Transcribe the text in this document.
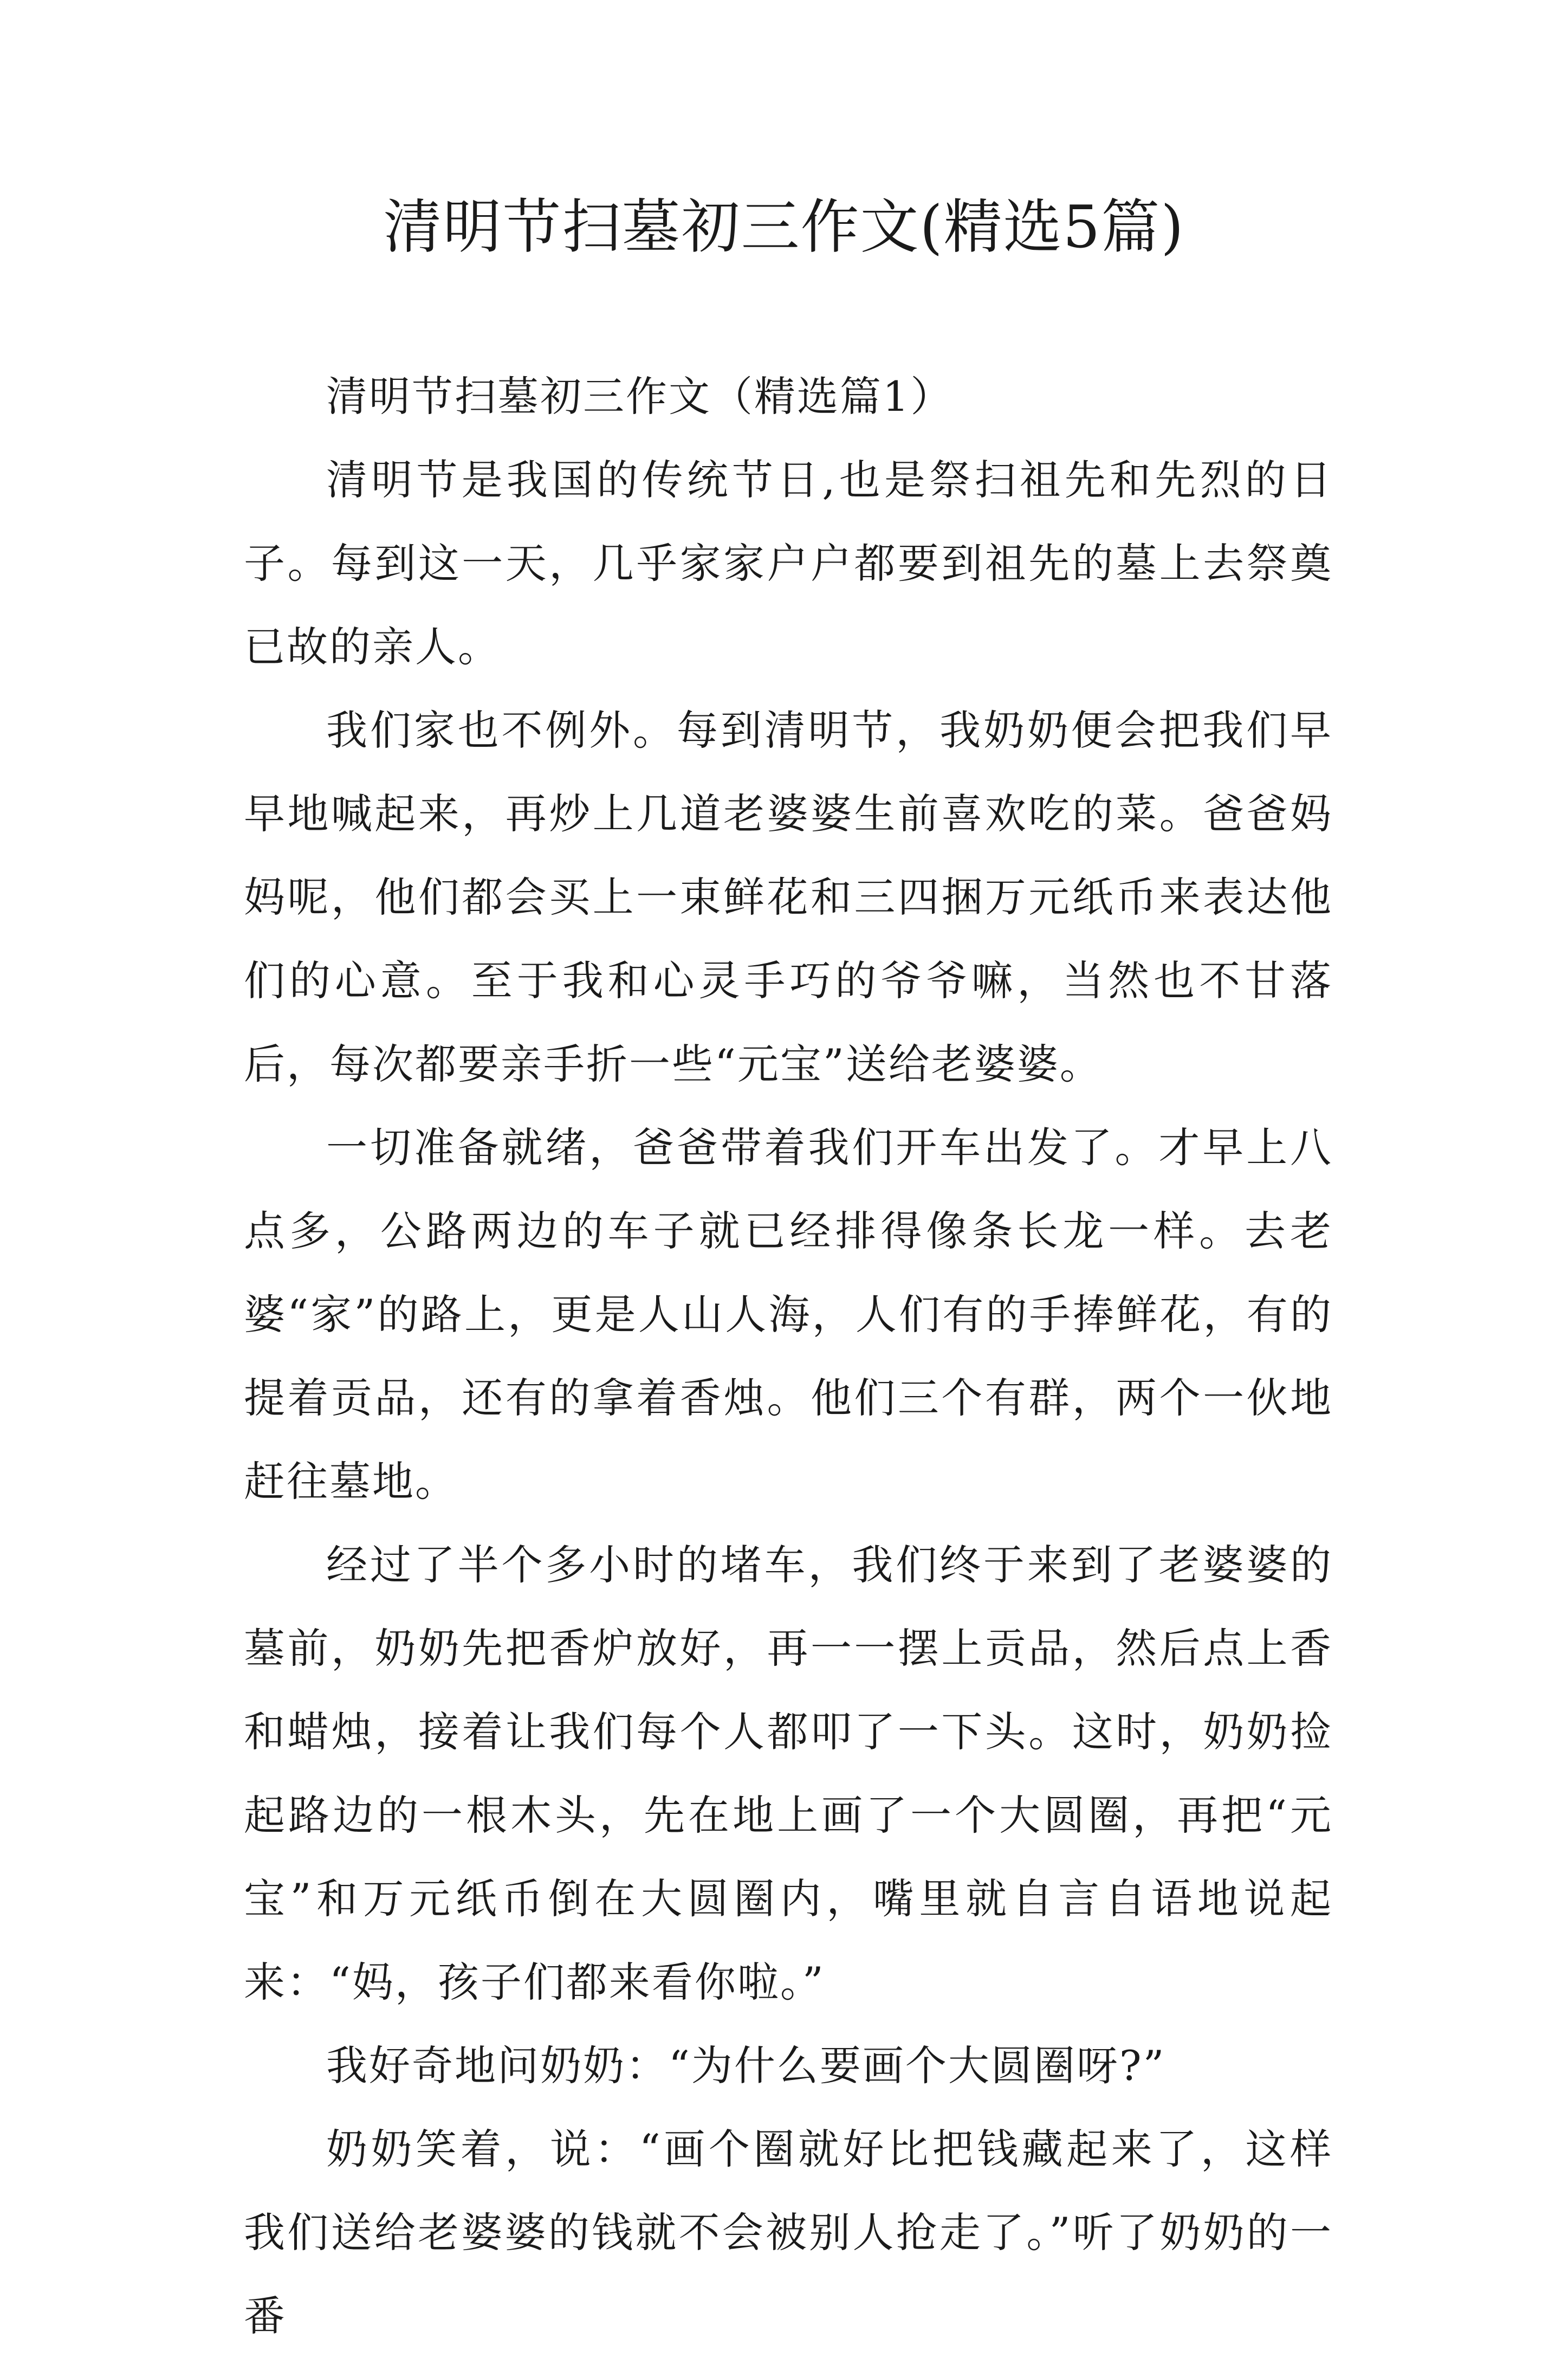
清明节扫墓初三作文(精选5篇)

清明节扫墓初三作文（精选篇1）

清明节是我国的传统节日,也是祭扫祖先和先烈的日子。每到这一天，几乎家家户户都要到祖先的墓上去祭奠已故的亲人。

我们家也不例外。每到清明节，我奶奶便会把我们早早地喊起来，再炒上几道老婆婆生前喜欢吃的菜。爸爸妈妈呢，他们都会买上一束鲜花和三四捆万元纸币来表达他们的心意。至于我和心灵手巧的爷爷嘛，当然也不甘落后，每次都要亲手折一些“元宝”送给老婆婆。

一切准备就绪，爸爸带着我们开车出发了。才早上八点多，公路两边的车子就已经排得像条长龙一样。去老婆“家”的路上，更是人山人海，人们有的手捧鲜花，有的提着贡品，还有的拿着香烛。他们三个有群，两个一伙地赶往墓地。

经过了半个多小时的堵车，我们终于来到了老婆婆的墓前，奶奶先把香炉放好，再一一摆上贡品，然后点上香和蜡烛，接着让我们每个人都叩了一下头。这时，奶奶捡起路边的一根木头，先在地上画了一个大圆圈，再把“元宝”和万元纸币倒在大圆圈内，嘴里就自言自语地说起来：“妈，孩子们都来看你啦。”

我好奇地问奶奶：“为什么要画个大圆圈呀?”

奶奶笑着，说：“画个圈就好比把钱藏起来了，这样我们送给老婆婆的钱就不会被别人抢走了。”听了奶奶的一番
